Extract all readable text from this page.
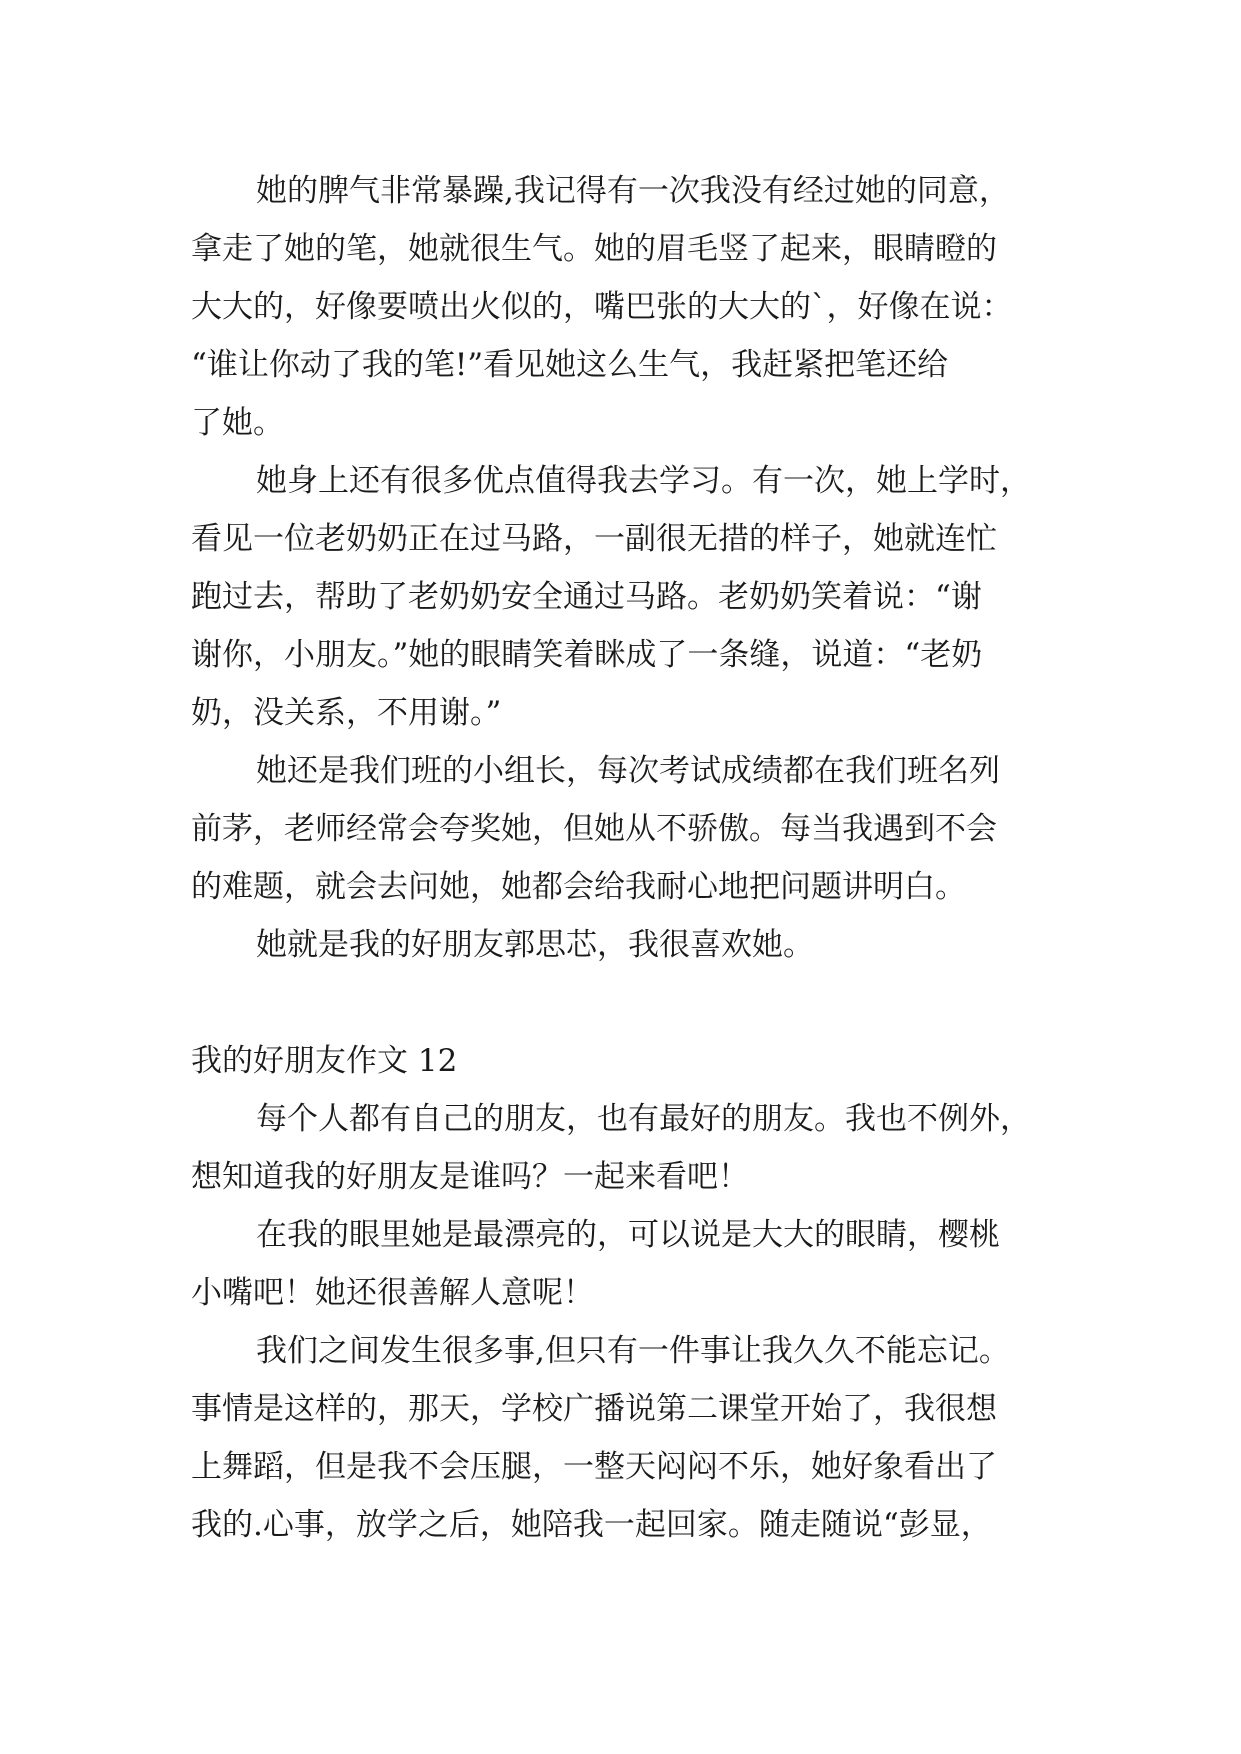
她的脾气非常暴躁,我记得有一次我没有经过她的同意，
拿走了她的笔，她就很生气。她的眉毛竖了起来，眼睛瞪的
大大的，好像要喷出火似的，嘴巴张的大大的`，好像在说：
“谁让你动了我的笔!”看见她这么生气，我赶紧把笔还给
了她。
她身上还有很多优点值得我去学习。有一次，她上学时，
看见一位老奶奶正在过马路，一副很无措的样子，她就连忙
跑过去，帮助了老奶奶安全通过马路。老奶奶笑着说：“谢
谢你，小朋友。”她的眼睛笑着眯成了一条缝，说道：“老奶
奶，没关系，不用谢。”
她还是我们班的小组长，每次考试成绩都在我们班名列
前茅，老师经常会夸奖她，但她从不骄傲。每当我遇到不会
的难题，就会去问她，她都会给我耐心地把问题讲明白。
她就是我的好朋友郭思芯，我很喜欢她。
我的好朋友作文 12
每个人都有自己的朋友，也有最好的朋友。我也不例外，
想知道我的好朋友是谁吗？一起来看吧！
在我的眼里她是最漂亮的，可以说是大大的眼睛，樱桃
小嘴吧！她还很善解人意呢！
我们之间发生很多事,但只有一件事让我久久不能忘记。
事情是这样的，那天，学校广播说第二课堂开始了，我很想
上舞蹈，但是我不会压腿，一整天闷闷不乐，她好象看出了
我的.心事，放学之后，她陪我一起回家。随走随说“彭显，
